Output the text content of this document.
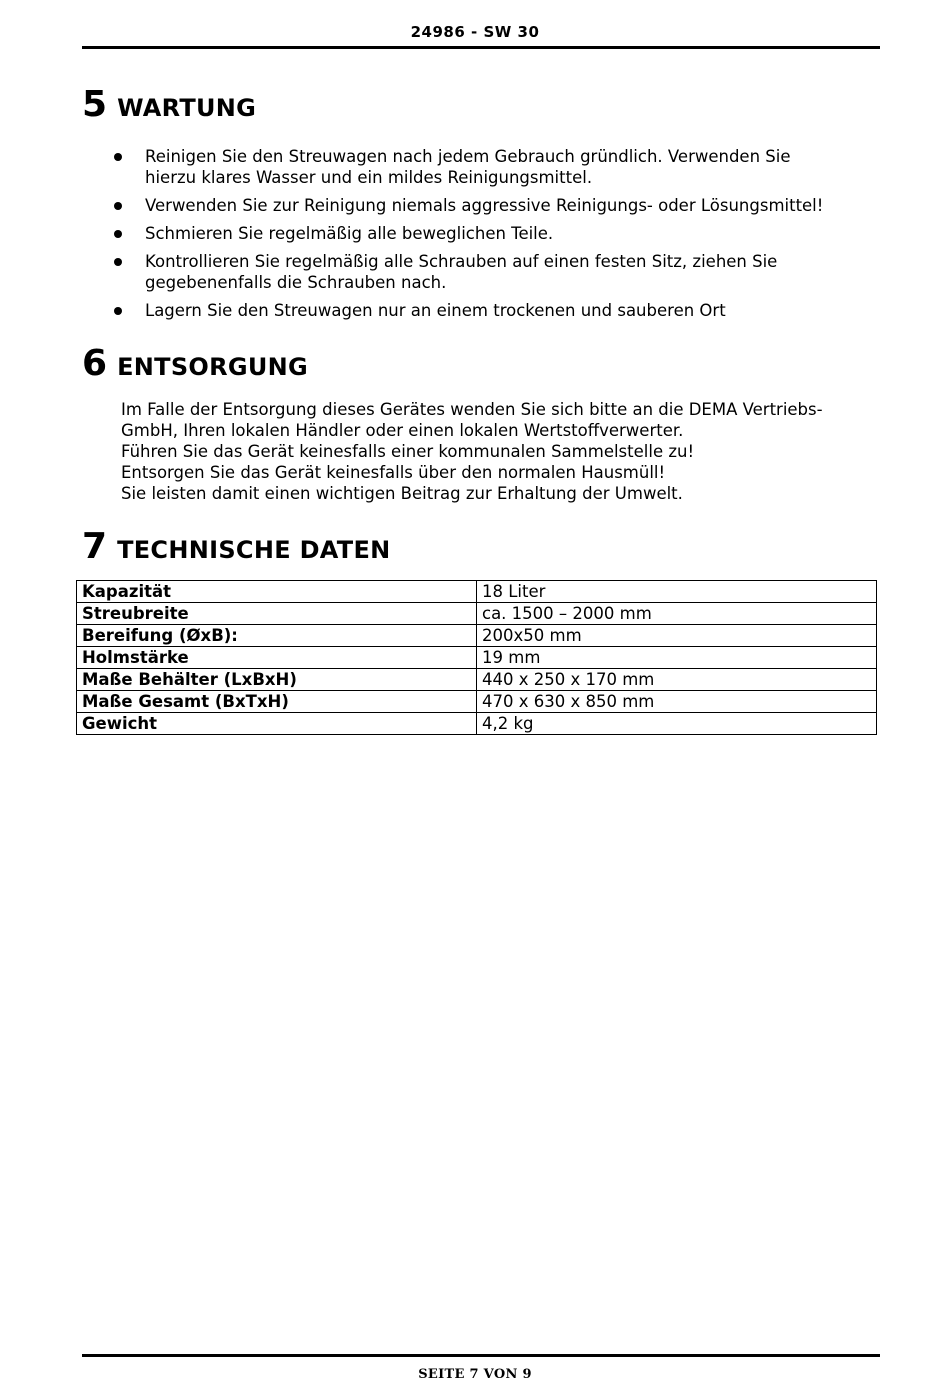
24986 - SW 30
5 WARTUNG
Reinigen Sie den Streuwagen nach jedem Gebrauch gründlich. Verwenden Sie
hierzu klares Wasser und ein mildes Reinigungsmittel.
Verwenden Sie zur Reinigung niemals aggressive Reinigungs- oder Lösungsmittel!
Schmieren Sie regelmäßig alle beweglichen Teile.
Kontrollieren Sie regelmäßig alle Schrauben auf einen festen Sitz, ziehen Sie
gegebenenfalls die Schrauben nach.
Lagern Sie den Streuwagen nur an einem trockenen und sauberen Ort
6 ENTSORGUNG
Im Falle der Entsorgung dieses Gerätes wenden Sie sich bitte an die DEMA Vertriebs-
GmbH, Ihren lokalen Händler oder einen lokalen Wertstoffverwerter.
Führen Sie das Gerät keinesfalls einer kommunalen Sammelstelle zu!
Entsorgen Sie das Gerät keinesfalls über den normalen Hausmüll!
Sie leisten damit einen wichtigen Beitrag zur Erhaltung der Umwelt.
7 TECHNISCHE DATEN
Kapazität	18 Liter
Streubreite	ca. 1500 – 2000 mm
Bereifung (ØxB):	200x50 mm
Holmstärke	19 mm
Maße Behälter (LxBxH)	440 x 250 x 170 mm
Maße Gesamt (BxTxH)	470 x 630 x 850 mm
Gewicht	4,2 kg
SEITE 7 VON 9
